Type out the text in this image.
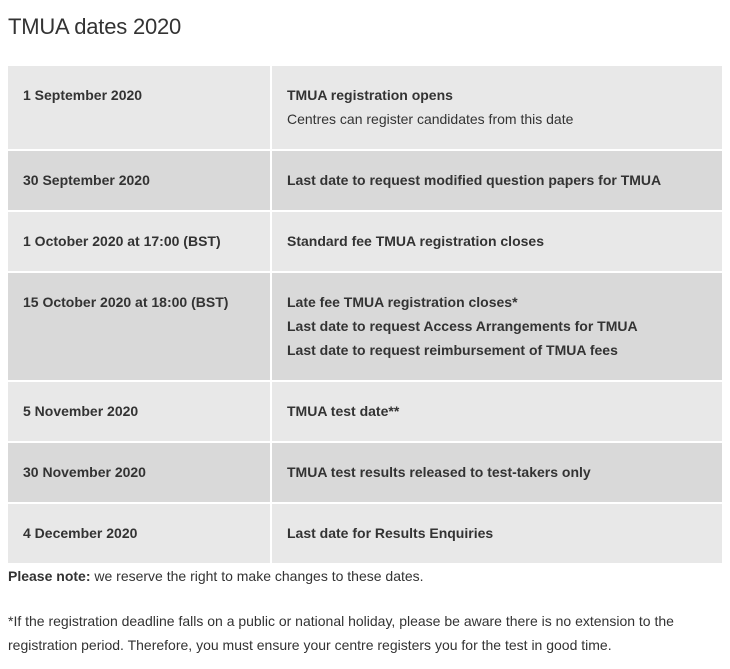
TMUA dates 2020
1 September 2020	TMUA registration opens
Centres can register candidates from this date

30 September 2020	Last date to request modified question papers for TMUA

1 October 2020 at 17:00 (BST)	Standard fee TMUA registration closes

15 October 2020 at 18:00 (BST)	Late fee TMUA registration closes*
Last date to request Access Arrangements for TMUA
Last date to request reimbursement of TMUA fees

5 November 2020	TMUA test date**

30 November 2020	TMUA test results released to test-takers only

4 December 2020	Last date for Results Enquiries

Please note: we reserve the right to make changes to these dates.

*If the registration deadline falls on a public or national holiday, please be aware there is no extension to the registration period. Therefore, you must ensure your centre registers you for the test in good time.
